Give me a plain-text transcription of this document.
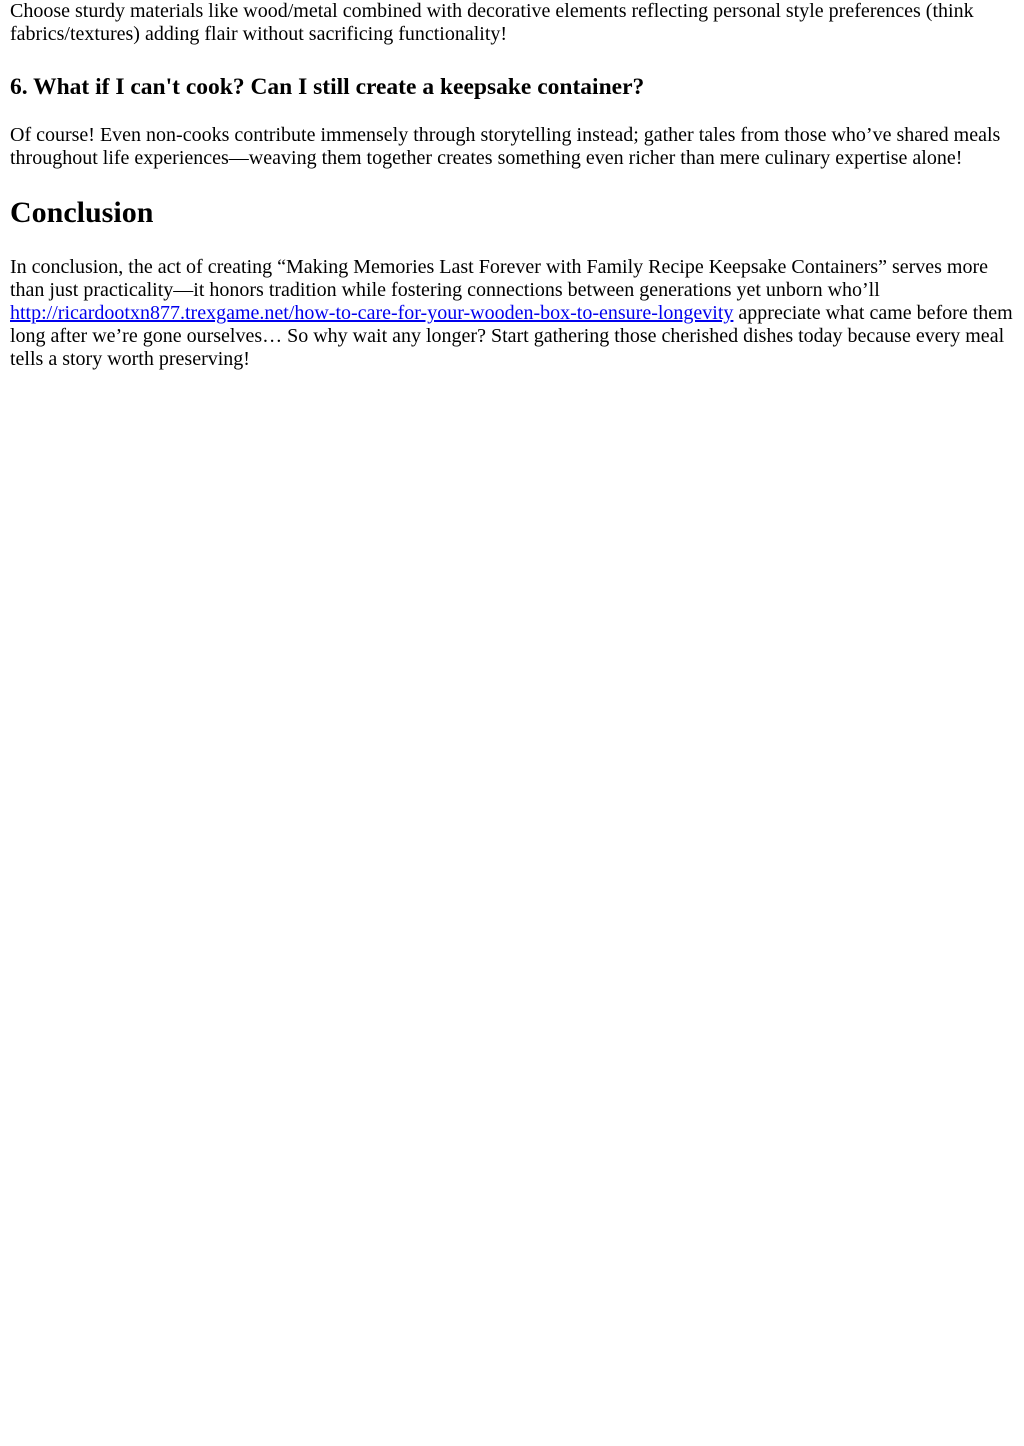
Choose sturdy materials like wood/metal combined with decorative elements reflecting personal style preferences (think fabrics/textures) adding flair without sacrificing functionality!

6. What if I can't cook? Can I still create a keepsake container?

Of course! Even non-cooks contribute immensely through storytelling instead; gather tales from those who’ve shared meals throughout life experiences—weaving them together creates something even richer than mere culinary expertise alone!

Conclusion

In conclusion, the act of creating “Making Memories Last Forever with Family Recipe Keepsake Containers” serves more than just practicality—it honors tradition while fostering connections between generations yet unborn who’ll http://ricardootxn877.trexgame.net/how-to-care-for-your-wooden-box-to-ensure-longevity appreciate what came before them long after we’re gone ourselves… So why wait any longer? Start gathering those cherished dishes today because every meal tells a story worth preserving!
